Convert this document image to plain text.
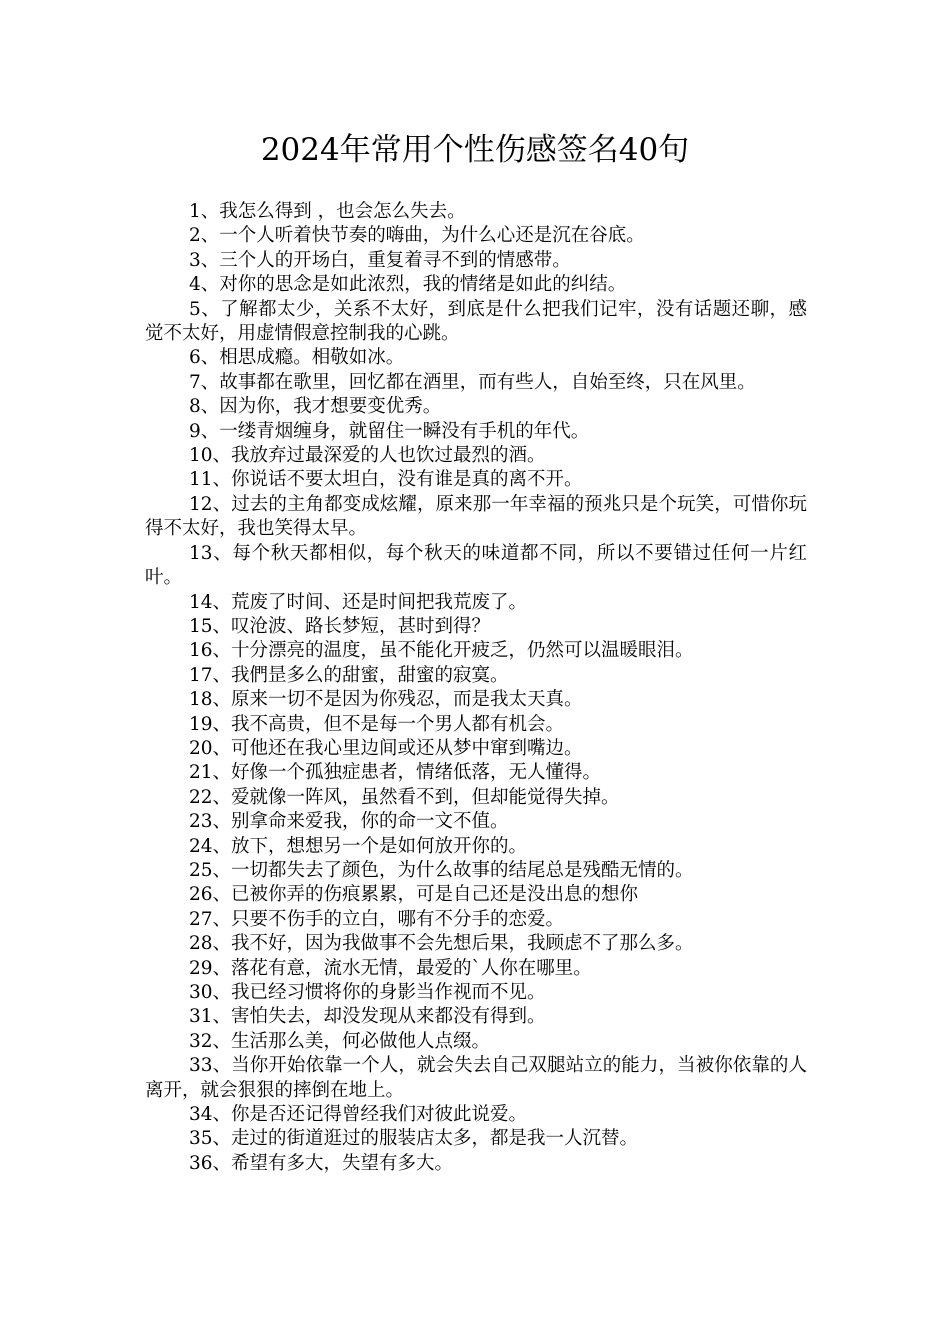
2024年常用个性伤感签名40句

1、我怎么得到 ，也会怎么失去。

2、一个人听着快节奏的嗨曲，为什么心还是沉在谷底。

3、三个人的开场白，重复着寻不到的情感带。

4、对你的思念是如此浓烈，我的情绪是如此的纠结。

5、了解都太少，关系不太好，到底是什么把我们记牢，没有话题还聊，感觉不太好，用虚情假意控制我的心跳。

6、相思成瘾。相敬如冰。

7、故事都在歌里，回忆都在酒里，而有些人，自始至终，只在风里。

8、因为你，我才想要变优秀。

9、一缕青烟缠身，就留住一瞬没有手机的年代。

10、我放弃过最深爱的人也饮过最烈的酒。

11、你说话不要太坦白，没有谁是真的离不开。

12、过去的主角都变成炫耀，原来那一年幸福的预兆只是个玩笑，可惜你玩得不太好，我也笑得太早。

13、每个秋天都相似，每个秋天的味道都不同，所以不要错过任何一片红叶。

14、荒废了时间、还是时间把我荒废了。

15、叹沧波、路长梦短，甚时到得？

16、十分漂亮的温度，虽不能化开疲乏，仍然可以温暖眼泪。

17、我們昰多么的甜蜜，甜蜜的寂寞。

18、原来一切不是因为你残忍，而是我太天真。

19、我不高贵，但不是每一个男人都有机会。

20、可他还在我心里边间或还从梦中窜到嘴边。

21、好像一个孤独症患者，情绪低落，无人懂得。

22、爱就像一阵风，虽然看不到，但却能觉得失掉。

23、别拿命来爱我，你的命一文不值。

24、放下，想想另一个是如何放开你的。

25、一切都失去了颜色，为什么故事的结尾总是残酷无情的。

26、已被你弄的伤痕累累，可是自己还是没出息的想你

27、只要不伤手的立白，哪有不分手的恋爱。

28、我不好，因为我做事不会先想后果，我顾虑不了那么多。

29、落花有意，流水无情，最爱的`人你在哪里。

30、我已经习惯将你的身影当作视而不见。

31、害怕失去，却没发现从来都没有得到。

32、生活那么美，何必做他人点缀。

33、当你开始依靠一个人，就会失去自己双腿站立的能力，当被你依靠的人离开，就会狠狠的摔倒在地上。

34、你是否还记得曾经我们对彼此说爱。

35、走过的街道逛过的服装店太多，都是我一人沉替。

36、希望有多大，失望有多大。
